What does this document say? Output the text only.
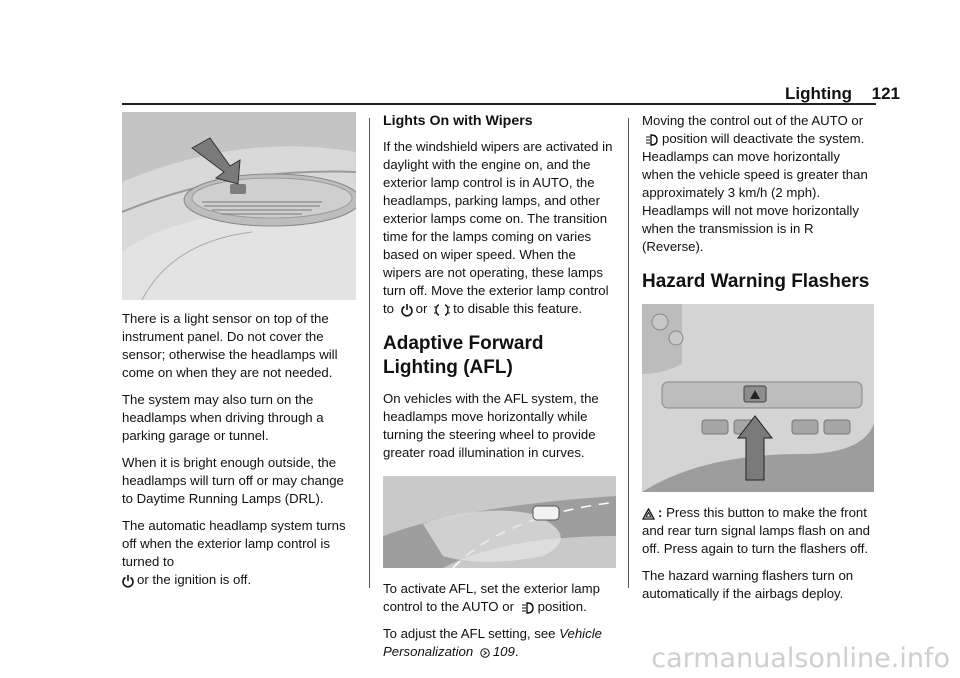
Lighting 121

There is a light sensor on top of the instrument panel. Do not cover the sensor; otherwise the headlamps will come on when they are not needed.

The system may also turn on the headlamps when driving through a parking garage or tunnel.

When it is bright enough outside, the headlamps will turn off or may change to Daytime Running Lamps (DRL).

The automatic headlamp system turns off when the exterior lamp control is turned to
or the ignition is off.

Lights On with Wipers

If the windshield wipers are activated in daylight with the engine on, and the exterior lamp control is in AUTO, the headlamps, parking lamps, and other exterior lamps come on. The transition time for the lamps coming on varies based on wiper speed. When the wipers are not operating, these lamps turn off. Move the exterior lamp control to or to disable this feature.

Adaptive Forward Lighting (AFL)

On vehicles with the AFL system, the headlamps move horizontally while turning the steering wheel to provide greater road illumination in curves.

To activate AFL, set the exterior lamp control to the AUTO or position.

To adjust the AFL setting, see Vehicle Personalization 109.

Moving the control out of the AUTO or position will deactivate the system. Headlamps can move horizontally when the vehicle speed is greater than approximately 3 km/h (2 mph). Headlamps will not move horizontally when the transmission is in R (Reverse).

Hazard Warning Flashers

: Press this button to make the front and rear turn signal lamps flash on and off. Press again to turn the flashers off.

The hazard warning flashers turn on automatically if the airbags deploy.

carmanualsonline.info
